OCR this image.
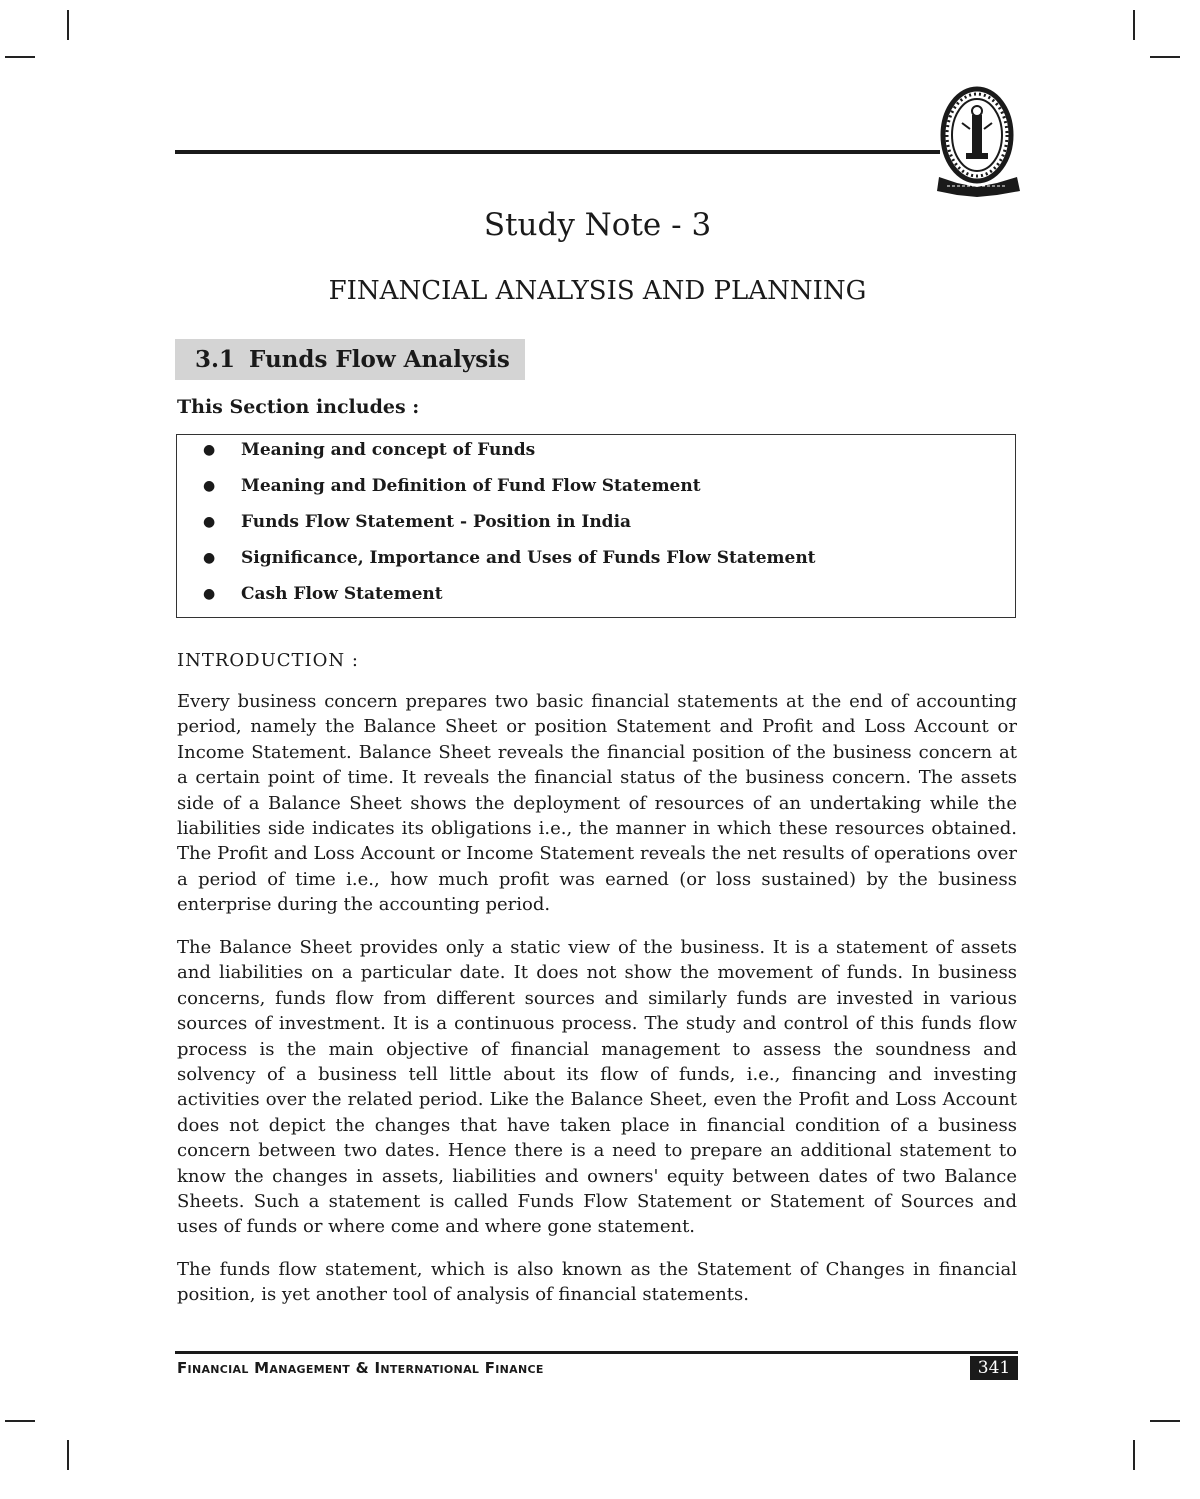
Study Note - 3
FINANCIAL ANALYSIS AND PLANNING
3.1 Funds Flow Analysis
This Section includes :
● Meaning and concept of Funds
● Meaning and Definition of Fund Flow Statement
● Funds Flow Statement - Position in India
● Significance, Importance and Uses of Funds Flow Statement
● Cash Flow Statement
INTRODUCTION :

Every business concern prepares two basic financial statements at the end of accounting period, namely the Balance Sheet or position Statement and Profit and Loss Account or Income Statement. Balance Sheet reveals the financial position of the business concern at a certain point of time. It reveals the financial status of the business concern. The assets side of a Balance Sheet shows the deployment of resources of an undertaking while the liabilities side indicates its obligations i.e., the manner in which these resources obtained. The Profit and Loss Account or Income Statement reveals the net results of operations over a period of time i.e., how much profit was earned (or loss sustained) by the business enterprise during the accounting period.

The Balance Sheet provides only a static view of the business. It is a statement of assets and liabilities on a particular date. It does not show the movement of funds. In business concerns, funds flow from different sources and similarly funds are invested in various sources of investment. It is a continuous process. The study and control of this funds flow process is the main objective of financial management to assess the soundness and solvency of a business tell little about its flow of funds, i.e., financing and investing activities over the related period. Like the Balance Sheet, even the Profit and Loss Account does not depict the changes that have taken place in financial condition of a business concern between two dates. Hence there is a need to prepare an additional statement to know the changes in assets, liabilities and owners' equity between dates of two Balance Sheets. Such a statement is called Funds Flow Statement or Statement of Sources and uses of funds or where come and where gone statement.

The funds flow statement, which is also known as the Statement of Changes in financial position, is yet another tool of analysis of financial statements.

Financial Management & International Finance	341
